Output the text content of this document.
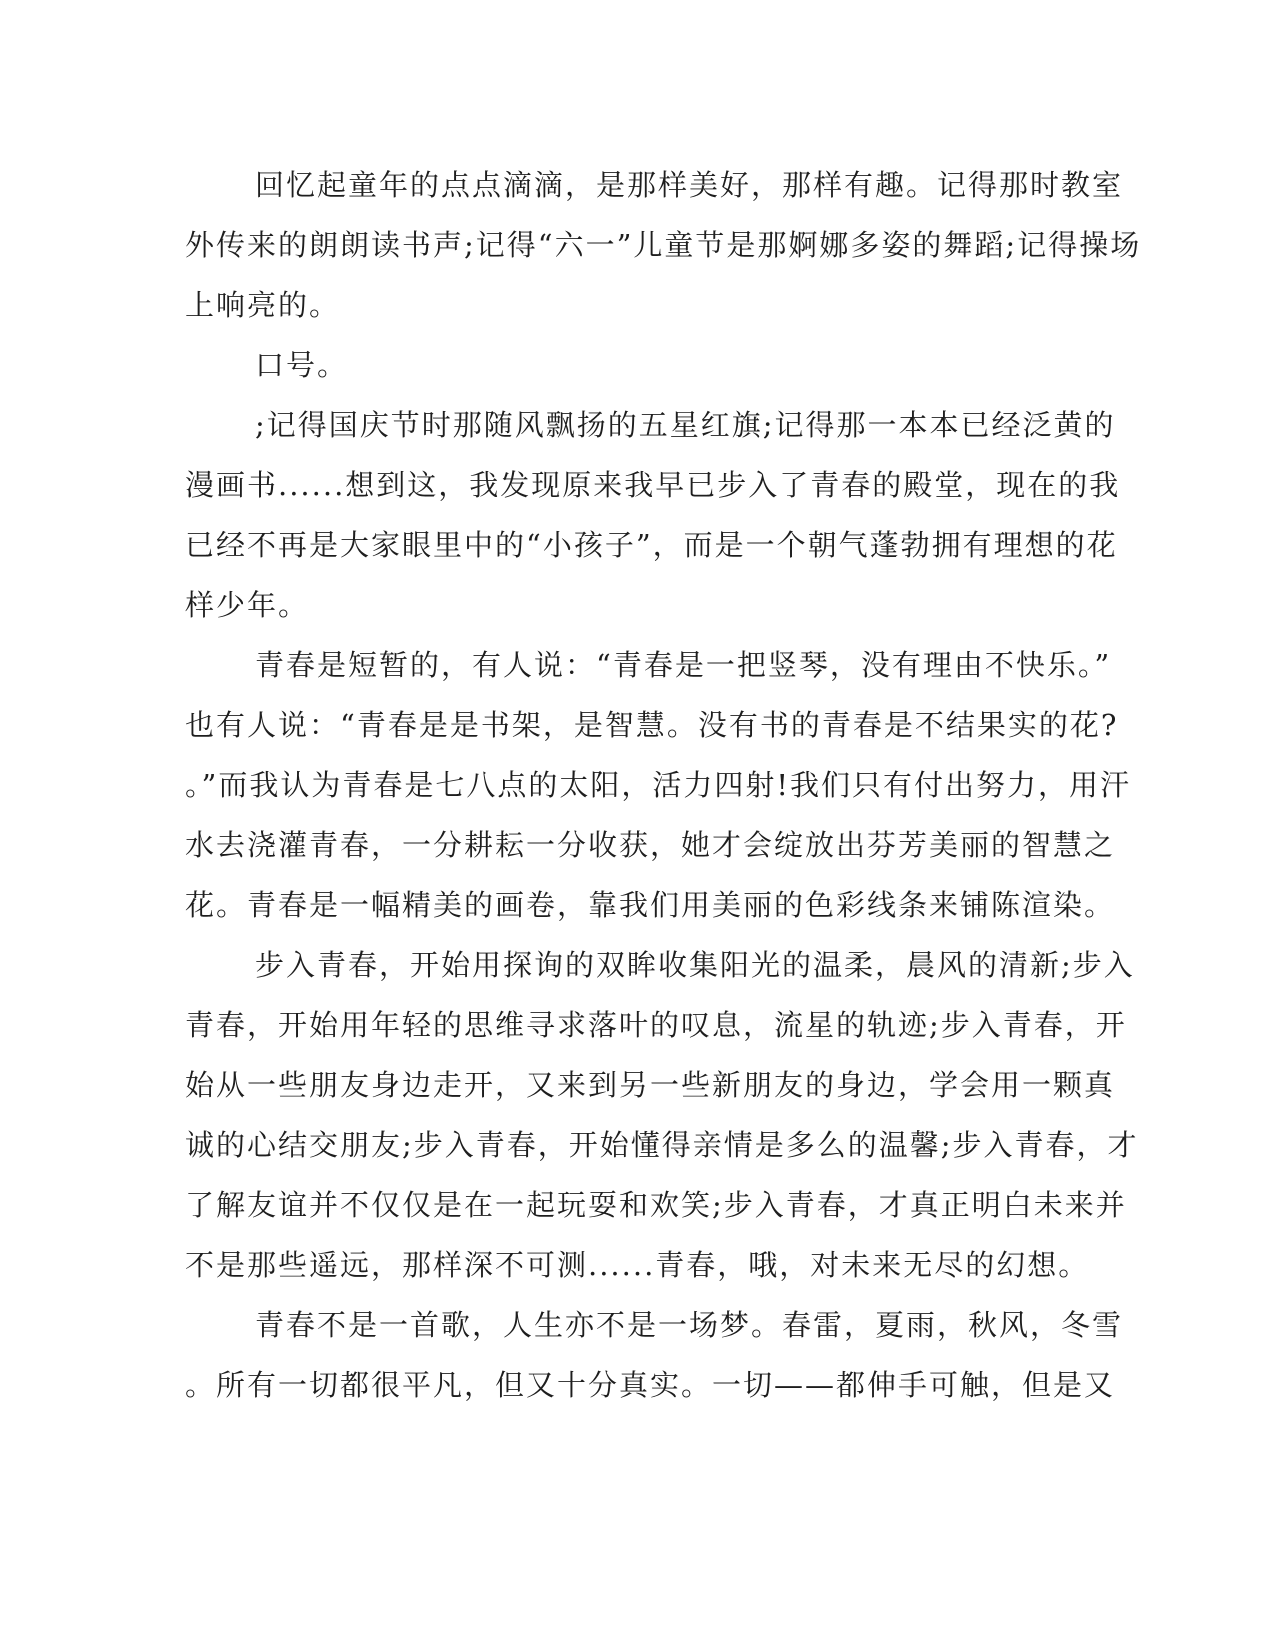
回忆起童年的点点滴滴，是那样美好，那样有趣。记得那时教室
外传来的朗朗读书声;记得“六一”儿童节是那婀娜多姿的舞蹈;记得操场
上响亮的。
口号。
;记得国庆节时那随风飘扬的五星红旗;记得那一本本已经泛黄的
漫画书......想到这，我发现原来我早已步入了青春的殿堂，现在的我
已经不再是大家眼里中的“小孩子”，而是一个朝气蓬勃拥有理想的花
样少年。
青春是短暂的，有人说：“青春是一把竖琴，没有理由不快乐。”
也有人说：“青春是是书架，是智慧。没有书的青春是不结果实的花?
。”而我认为青春是七八点的太阳，活力四射!我们只有付出努力，用汗
水去浇灌青春，一分耕耘一分收获，她才会绽放出芬芳美丽的智慧之
花。青春是一幅精美的画卷，靠我们用美丽的色彩线条来铺陈渲染。
步入青春，开始用探询的双眸收集阳光的温柔，晨风的清新;步入
青春，开始用年轻的思维寻求落叶的叹息，流星的轨迹;步入青春，开
始从一些朋友身边走开，又来到另一些新朋友的身边，学会用一颗真
诚的心结交朋友;步入青春，开始懂得亲情是多么的温馨;步入青春，才
了解友谊并不仅仅是在一起玩耍和欢笑;步入青春，才真正明白未来并
不是那些遥远，那样深不可测......青春，哦，对未来无尽的幻想。
青春不是一首歌，人生亦不是一场梦。春雷，夏雨，秋风，冬雪
。所有一切都很平凡，但又十分真实。一切——都伸手可触，但是又
